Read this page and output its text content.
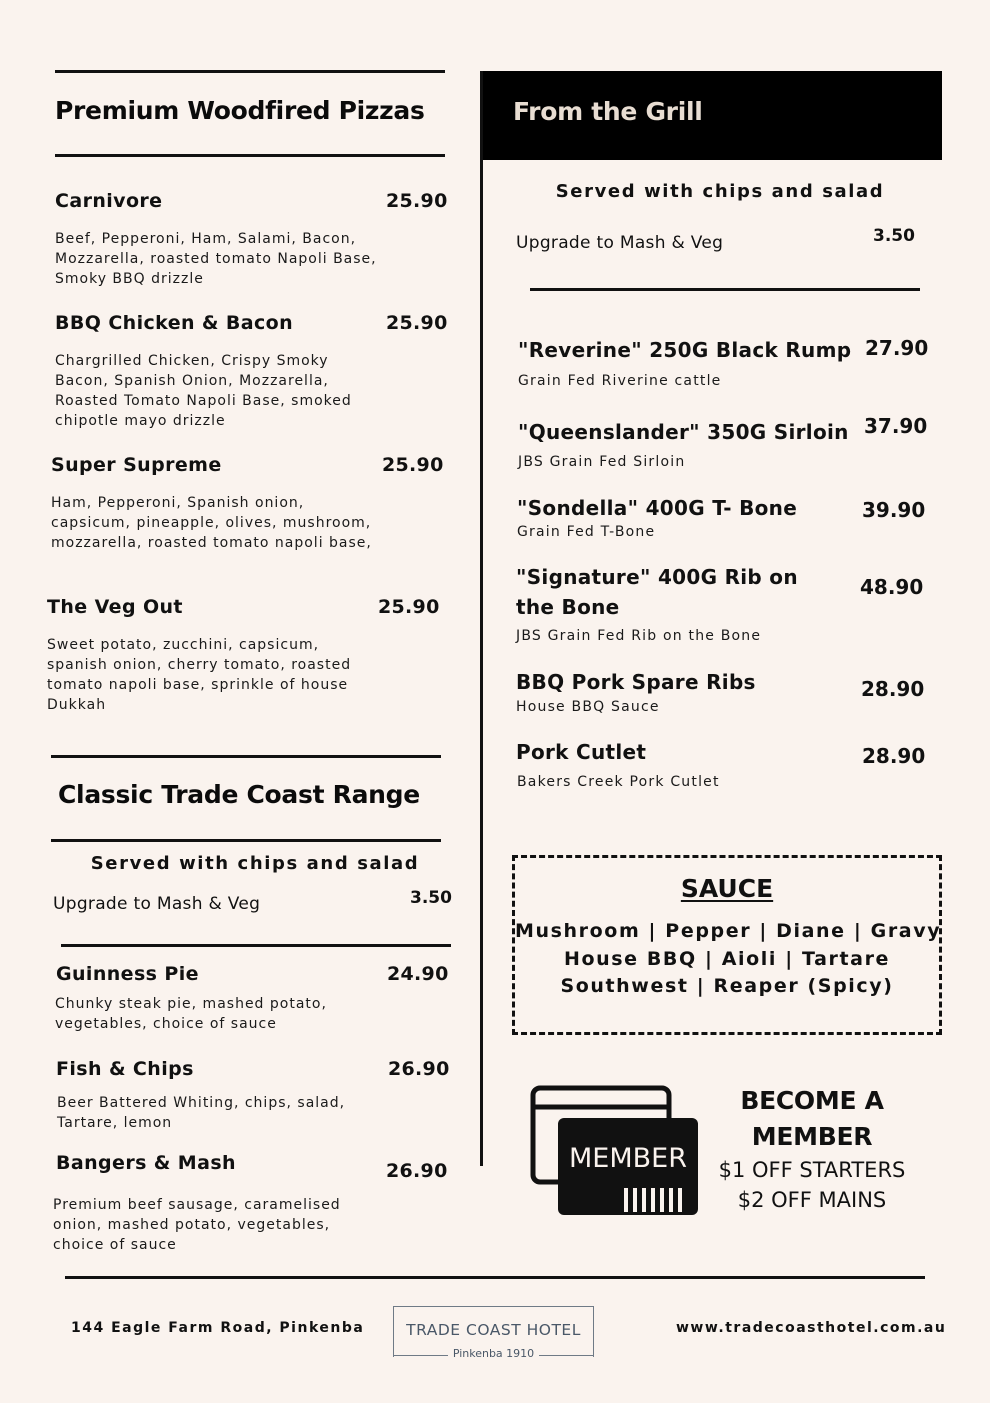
Premium Woodfired Pizzas
Carnivore	25.90
Beef, Pepperoni, Ham, Salami, Bacon, Mozzarella, roasted tomato Napoli Base, Smoky BBQ drizzle
BBQ Chicken & Bacon	25.90
Chargrilled Chicken, Crispy Smoky Bacon, Spanish Onion, Mozzarella, Roasted Tomato Napoli Base, smoked chipotle mayo drizzle
Super Supreme	25.90
Ham, Pepperoni, Spanish onion, capsicum, pineapple, olives, mushroom, mozzarella, roasted tomato napoli base,
The Veg Out	25.90
Sweet potato, zucchini, capsicum, spanish onion, cherry tomato, roasted tomato napoli base, sprinkle of house Dukkah
Classic Trade Coast Range
Served with chips and salad
Upgrade to Mash & Veg	3.50
Guinness Pie	24.90
Chunky steak pie, mashed potato, vegetables, choice of sauce
Fish & Chips	26.90
Beer Battered Whiting, chips, salad, Tartare, lemon
Bangers & Mash	26.90
Premium beef sausage, caramelised onion, mashed potato, vegetables, choice of sauce
From the Grill
Served with chips and salad
Upgrade to Mash & Veg	3.50
"Reverine" 250G Black Rump 27.90
Grain Fed Riverine cattle
"Queenslander" 350G Sirloin 37.90
JBS Grain Fed Sirloin
"Sondella" 400G T- Bone	39.90
Grain Fed T-Bone
"Signature" 400G Rib on
the Bone
48.90
JBS Grain Fed Rib on the Bone
BBQ Pork Spare Ribs	28.90
House BBQ Sauce
Pork Cutlet	28.90
Bakers Creek Pork Cutlet
SAUCE
Mushroom | Pepper | Diane | Gravy
House BBQ | Aioli | Tartare
Southwest | Reaper (Spicy)
MEMBER
BECOME A
MEMBER
$1 OFF STARTERS
$2 OFF MAINS
144 Eagle Farm Road, Pinkenba	TRADE COAST HOTEL
Pinkenba 1910
www.tradecoasthotel.com.au
